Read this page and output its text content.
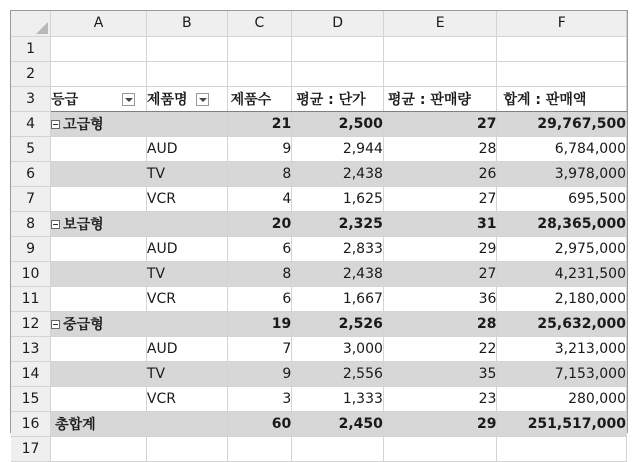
	A	B	C	D	E	F
1						
2						
3	등급	제품명	제품수	평균 : 단가	평균 : 판매량	합계 : 판매액
4	고급형		21	2,500	27	29,767,500
5		AUD	9	2,944	28	6,784,000
6		TV	8	2,438	26	3,978,000
7		VCR	4	1,625	27	695,500
8	보급형		20	2,325	31	28,365,000
9		AUD	6	2,833	29	2,975,000
10		TV	8	2,438	27	4,231,500
11		VCR	6	1,667	36	2,180,000
12	중급형		19	2,526	28	25,632,000
13		AUD	7	3,000	22	3,213,000
14		TV	9	2,556	35	7,153,000
15		VCR	3	1,333	23	280,000
16	총합계		60	2,450	29	251,517,000
17						
